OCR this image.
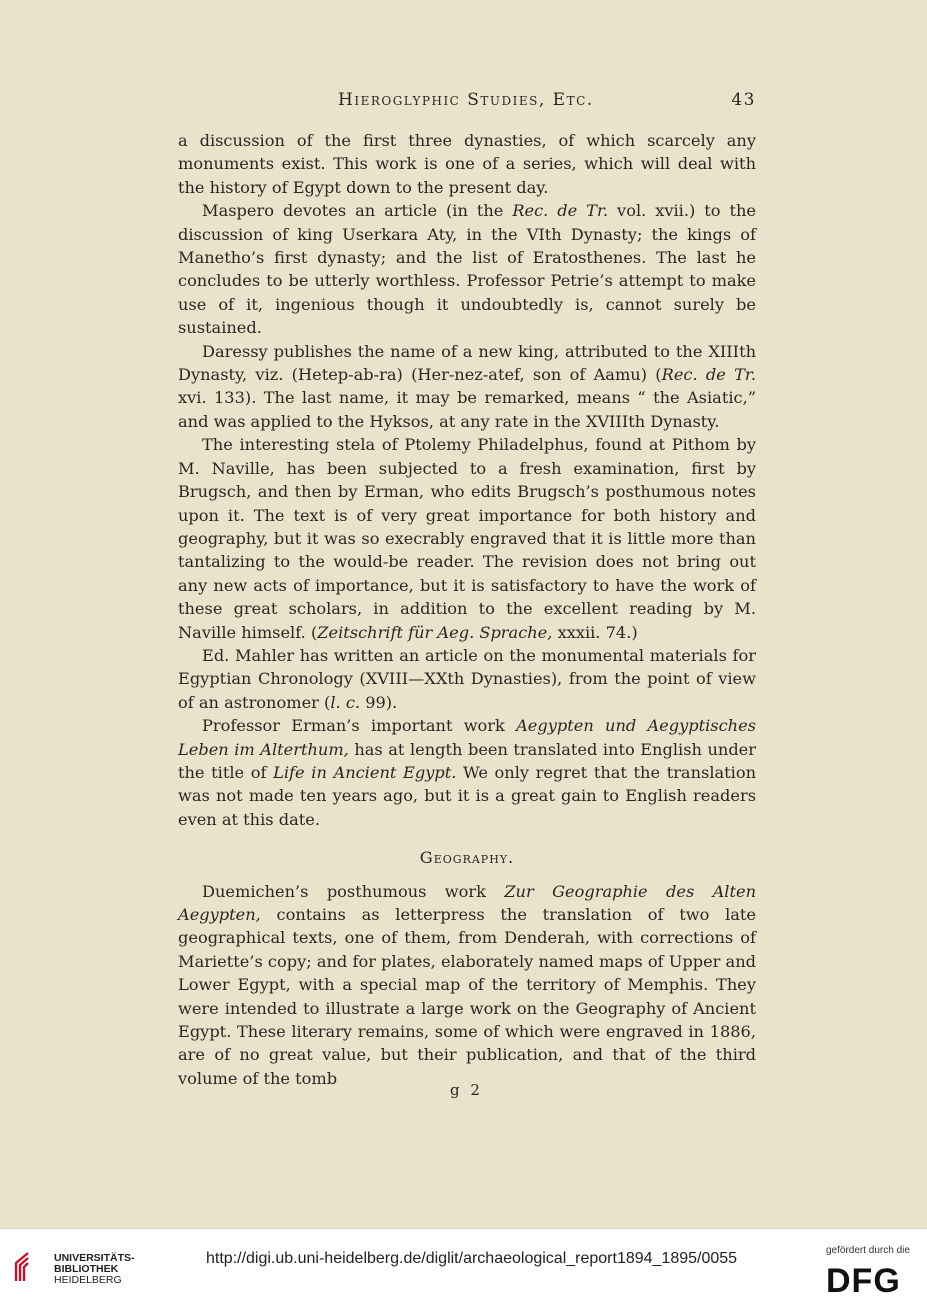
Hieroglyphic Studies, Etc.	43

a discussion of the first three dynasties, of which scarcely any monuments exist. This work is one of a series, which will deal with the history of Egypt down to the present day.

Maspero devotes an article (in the Rec. de Tr. vol. xvii.) to the discussion of king Userkara Aty, in the VIth Dynasty; the kings of Manetho’s first dynasty; and the list of Eratosthenes. The last he concludes to be utterly worthless. Professor Petrie’s attempt to make use of it, ingenious though it undoubtedly is, cannot surely be sustained.

Daressy publishes the name of a new king, attributed to the XIIIth Dynasty, viz. (Hetep-ab-ra) (Her-nez-atef, son of Aamu) (Rec. de Tr. xvi. 133). The last name, it may be remarked, means “ the Asiatic,” and was applied to the Hyksos, at any rate in the XVIIIth Dynasty.

The interesting stela of Ptolemy Philadelphus, found at Pithom by M. Naville, has been subjected to a fresh examination, first by Brugsch, and then by Erman, who edits Brugsch’s posthumous notes upon it. The text is of very great importance for both history and geography, but it was so execrably engraved that it is little more than tantalizing to the would-be reader. The revision does not bring out any new acts of importance, but it is satisfactory to have the work of these great scholars, in addition to the excellent reading by M. Naville himself. (Zeitschrift für Aeg. Sprache, xxxii. 74.)

Ed. Mahler has written an article on the monumental materials for Egyptian Chronology (XVIII—XXth Dynasties), from the point of view of an astronomer (l. c. 99).

Professor Erman’s important work Aegypten und Aegyptisches Leben im Alterthum, has at length been translated into English under the title of Life in Ancient Egypt. We only regret that the translation was not made ten years ago, but it is a great gain to English readers even at this date.

Geography.

Duemichen’s posthumous work Zur Geographie des Alten Aegypten, contains as letterpress the translation of two late geographical texts, one of them, from Denderah, with corrections of Mariette’s copy; and for plates, elaborately named maps of Upper and Lower Egypt, with a special map of the territory of Memphis. They were intended to illustrate a large work on the Geography of Ancient Egypt. These literary remains, some of which were engraved in 1886, are of no great value, but their publication, and that of the third volume of the tomb

g 2
UNIVERSITÄTS-
BIBLIOTHEK
HEIDELBERG
http://digi.ub.uni-heidelberg.de/diglit/archaeological_report1894_1895/0055	gefördert durch die
DFG
